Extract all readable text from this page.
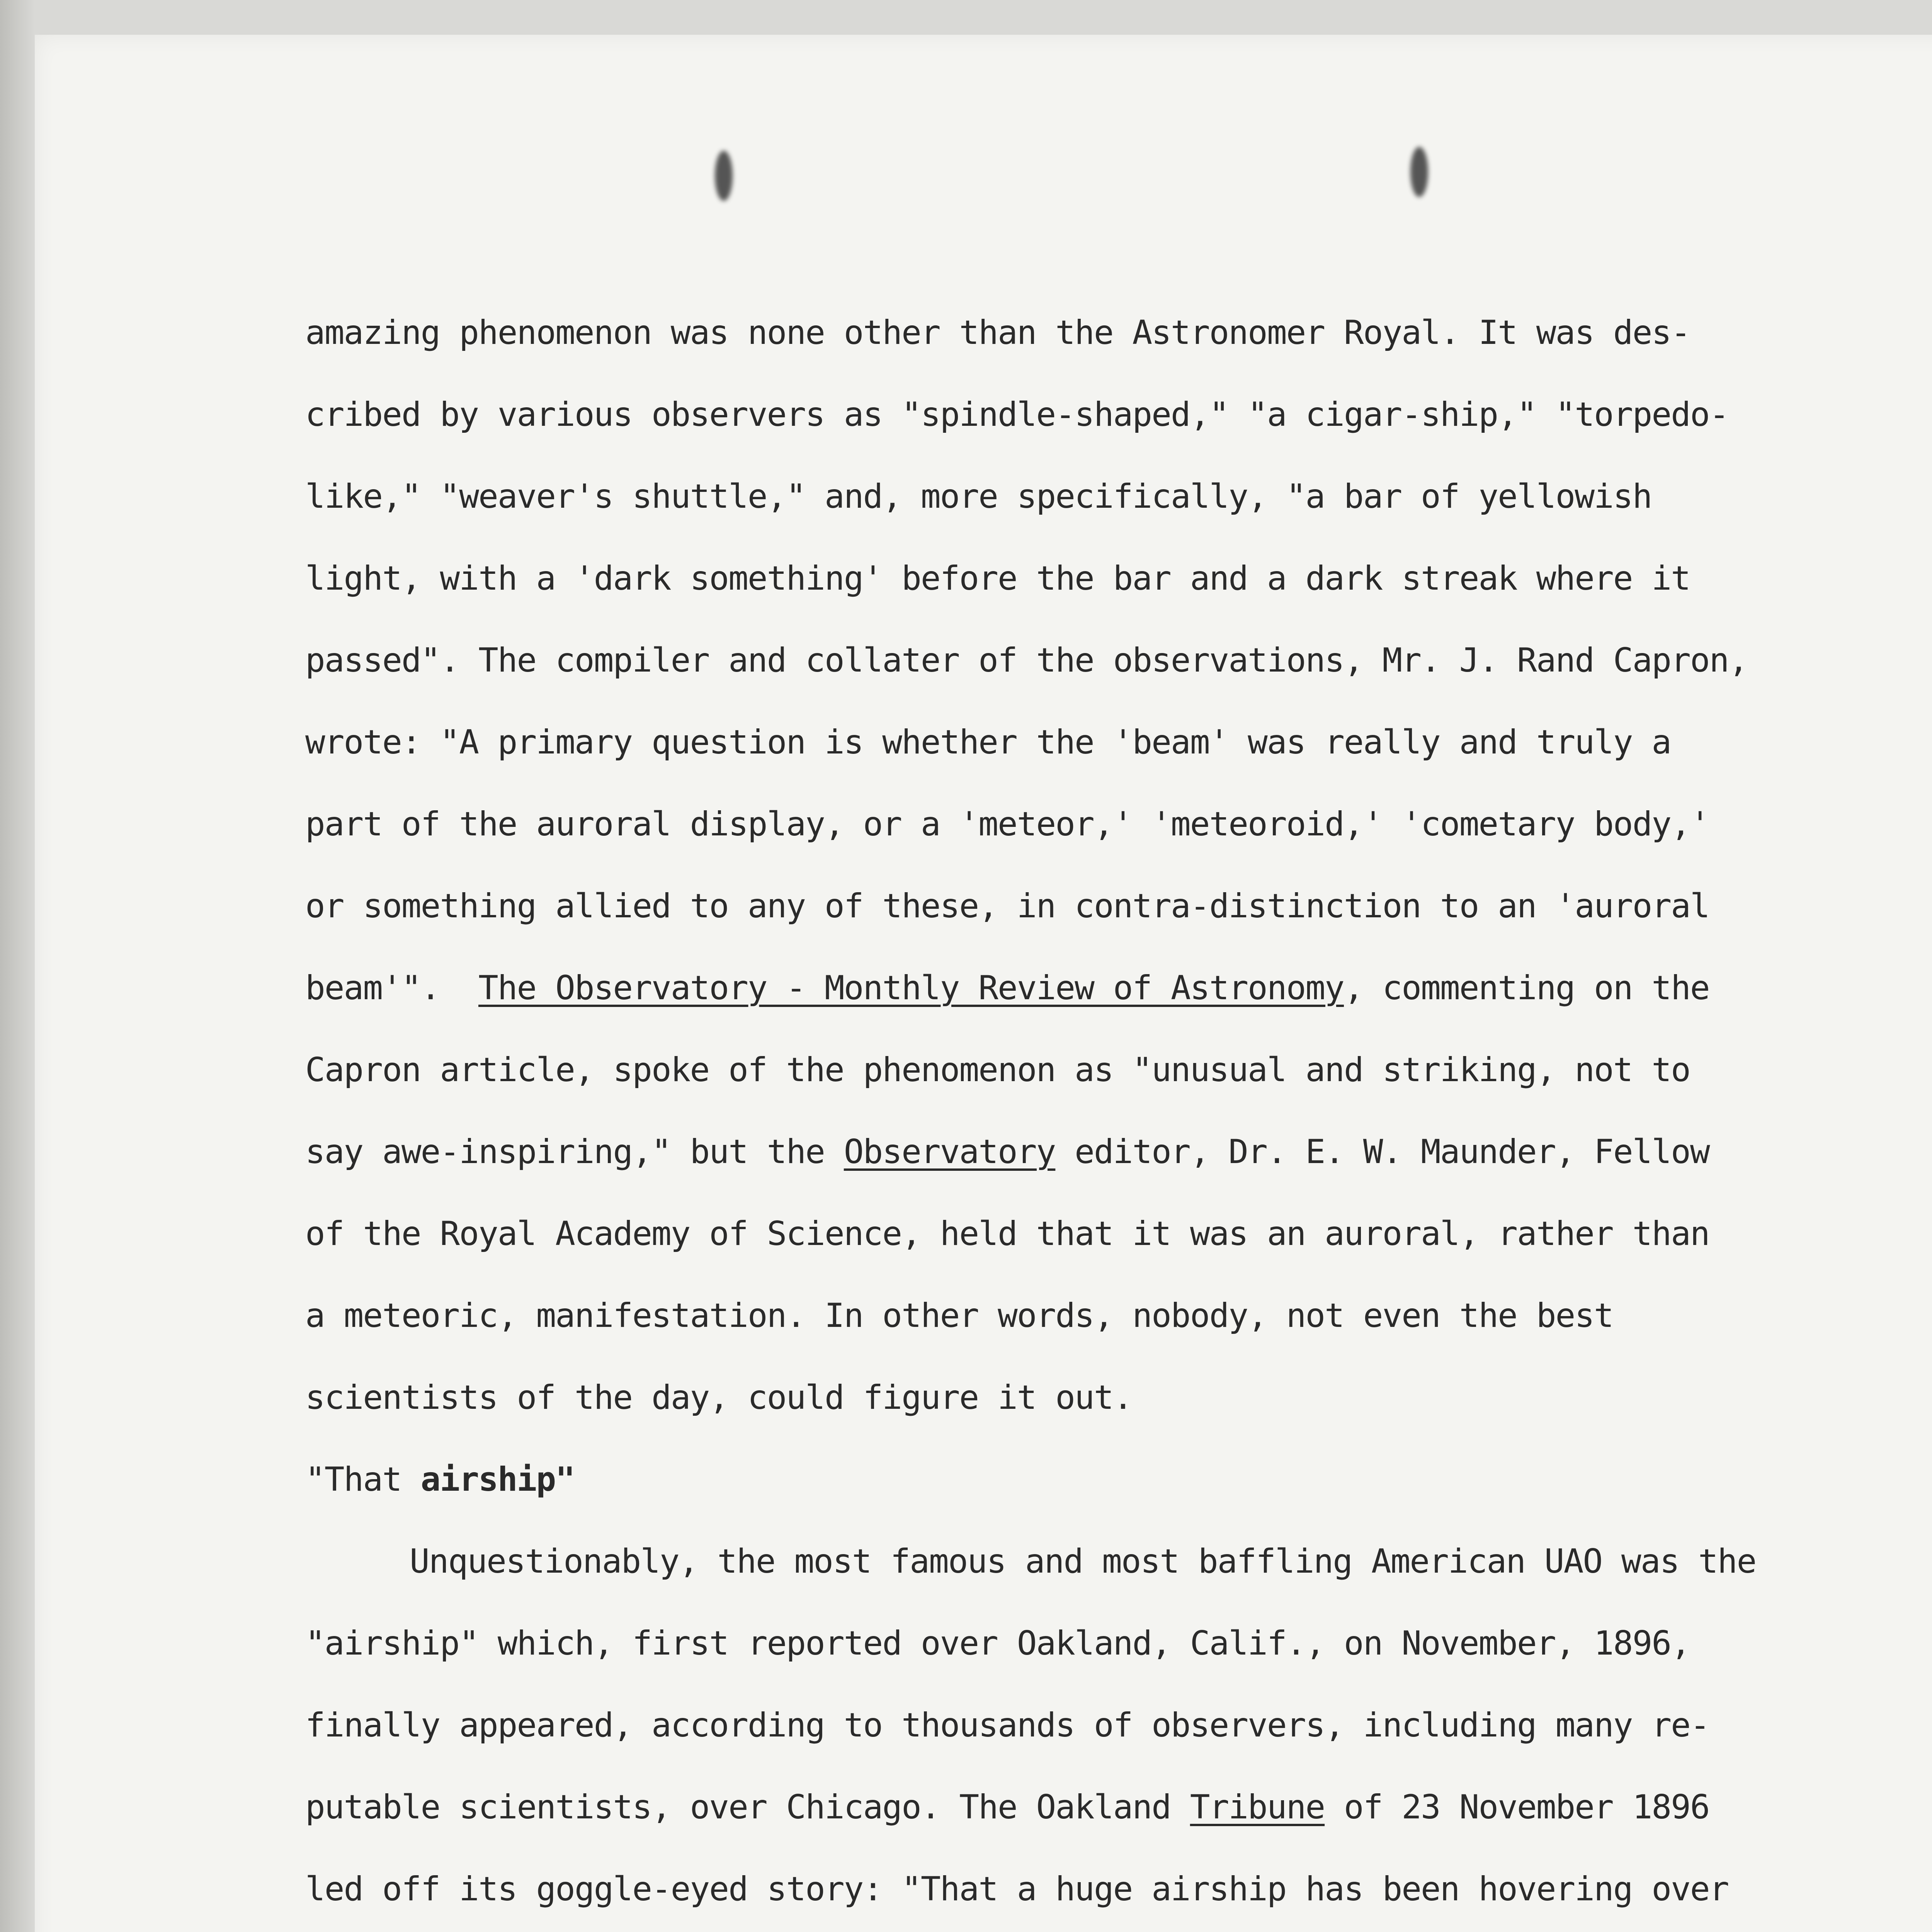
amazing phenomenon was none other than the Astronomer Royal. It was des-
cribed by various observers as "spindle-shaped," "a cigar-ship," "torpedo-
like," "weaver's shuttle," and, more specifically, "a bar of yellowish
light, with a 'dark something' before the bar and a dark streak where it
passed". The compiler and collater of the observations, Mr. J. Rand Capron,
wrote: "A primary question is whether the 'beam' was really and truly a
part of the auroral display, or a 'meteor,' 'meteoroid,' 'cometary body,'
or something allied to any of these, in contra-distinction to an 'auroral
beam'". The Observatory - Monthly Review of Astronomy, commenting on the
Capron article, spoke of the phenomenon as "unusual and striking, not to
say awe-inspiring," but the Observatory editor, Dr. E. W. Maunder, Fellow
of the Royal Academy of Science, held that it was an auroral, rather than
a meteoric, manifestation. In other words, nobody, not even the best
scientists of the day, could figure it out.
"That airship"
Unquestionably, the most famous and most baffling American UAO was the
"airship" which, first reported over Oakland, Calif., on November, 1896,
finally appeared, according to thousands of observers, including many re-
putable scientists, over Chicago. The Oakland Tribune of 23 November 1896
led off its goggle-eyed story: "That a huge airship has been hovering over
